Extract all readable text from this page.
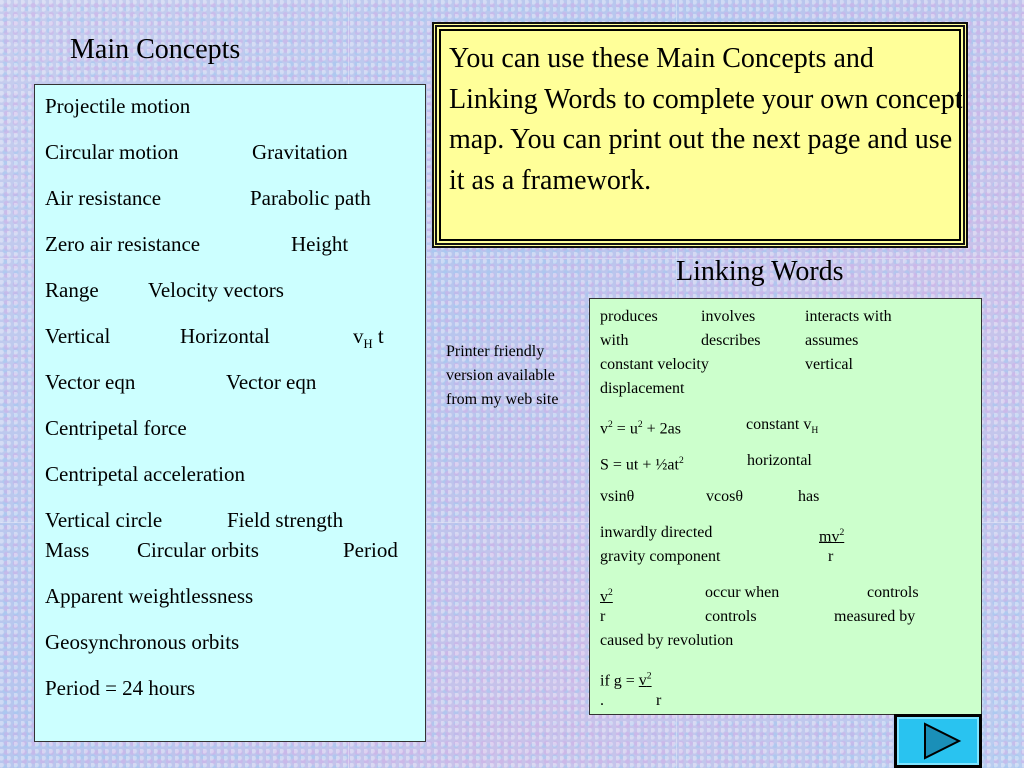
Main Concepts
Projectile motion
Circular motion	Gravitation
Air resistance	Parabolic path
Zero air resistance	Height
Range Velocity vectors
Vertical	Horizontal	$v_H$ t
Vector eqn	Vector eqn
Centripetal force
Centripetal acceleration
Vertical circle	Field strength
Mass Circular orbits	Period
Apparent weightlessness
Geosynchronous orbits
Period = 24 hours
You can use these Main Concepts and Linking Words to complete your own concept map. You can print out the next page and use it as a framework.
Linking Words
Printer friendly version available from my web site
produces	involves	interacts with
with	describes	assumes
constant velocity	vertical
displacement
$v^2 = u^2 + 2as$	constant $v_H$
S = ut + $\frac{1}{2}at^2$	horizontal
vsinθ	vcosθ	has
inwardly directed	$mv^2$
gravity component	r
$v^2$	occur when	controls
r	controls	measured by
caused by revolution
if $g = v^2$
.	r
